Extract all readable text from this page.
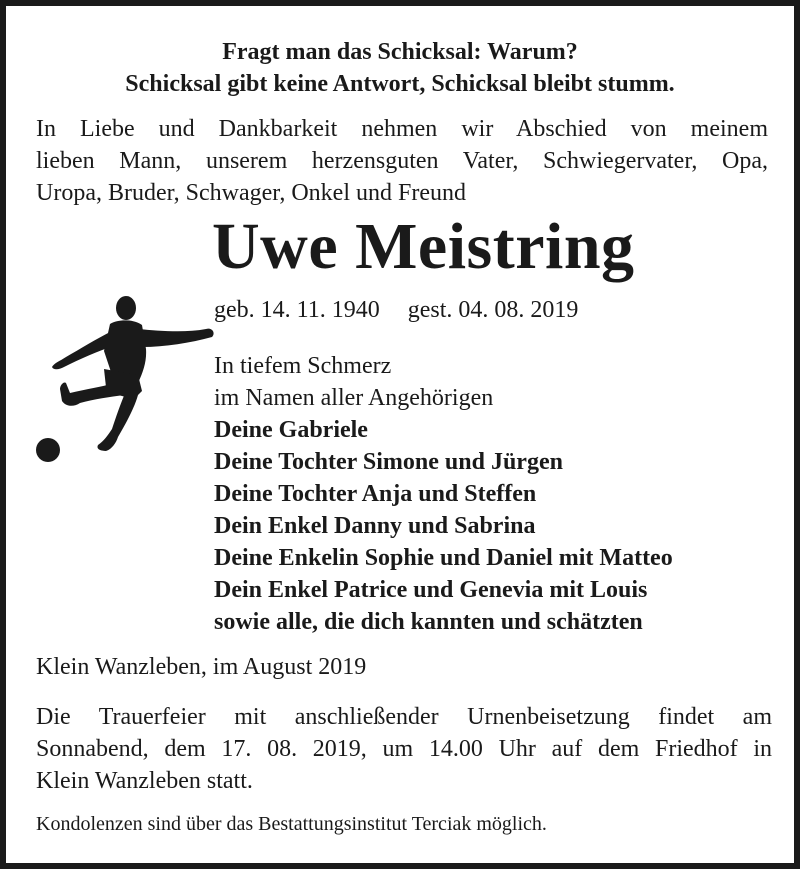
Fragt man das Schicksal: Warum?
Schicksal gibt keine Antwort, Schicksal bleibt stumm.
In Liebe und Dankbarkeit nehmen wir Abschied von meinem
lieben Mann, unserem herzensguten Vater, Schwiegervater, Opa,
Uropa, Bruder, Schwager, Onkel und Freund
Uwe Meistring
geb. 14. 11. 1940 gest. 04. 08. 2019
In tiefem Schmerz
im Namen aller Angehörigen
Deine Gabriele
Deine Tochter Simone und Jürgen
Deine Tochter Anja und Steffen
Dein Enkel Danny und Sabrina
Deine Enkelin Sophie und Daniel mit Matteo
Dein Enkel Patrice und Genevia mit Louis
sowie alle, die dich kannten und schätzten
Klein Wanzleben, im August 2019
Die Trauerfeier mit anschließender Urnenbeisetzung findet am
Sonnabend, dem 17. 08. 2019, um 14.00 Uhr auf dem Friedhof in
Klein Wanzleben statt.
Kondolenzen sind über das Bestattungsinstitut Terciak möglich.
